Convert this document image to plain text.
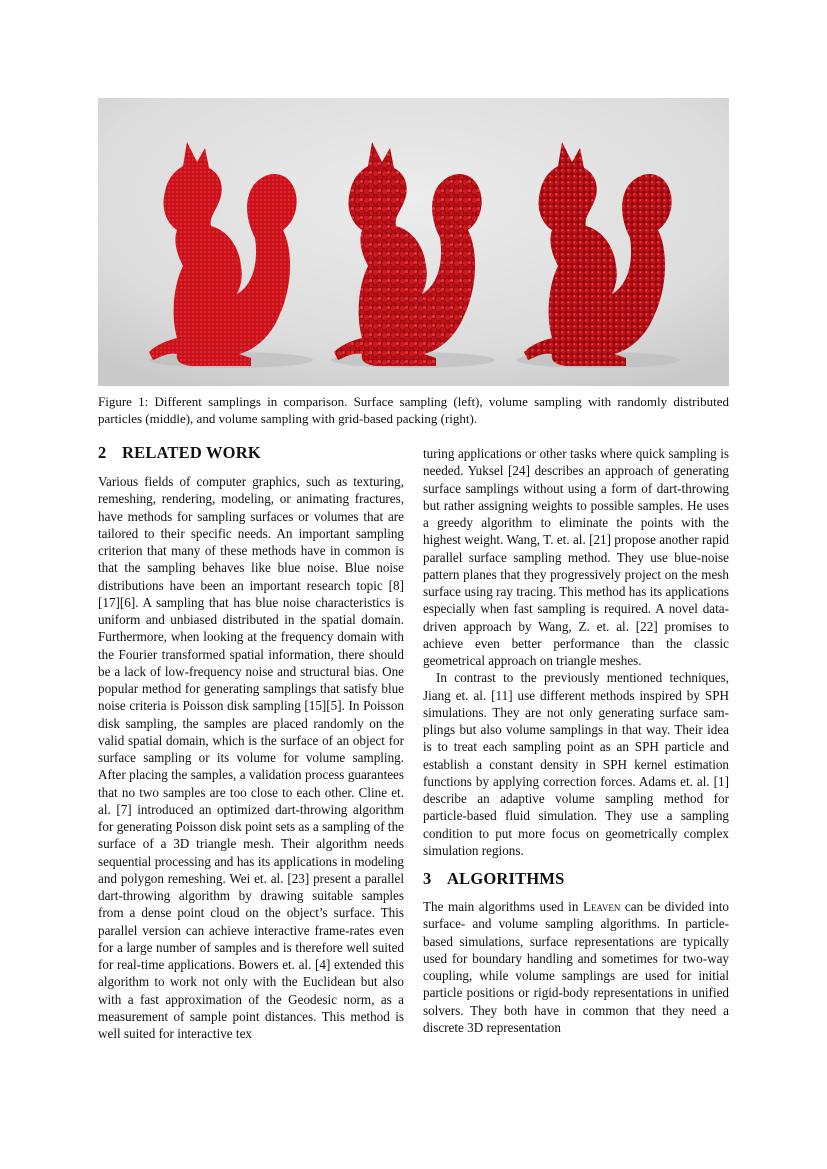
Figure 1: Different samplings in comparison. Surface sampling (left), volume sampling with randomly distributed particles (middle), and volume sampling with grid-based packing (right).
2 RELATED WORK

Various fields of computer graphics, such as texturing, remeshing, rendering, modeling, or animating fractures, have methods for sampling surfaces or volumes that are tailored to their specific needs. An important sampling criterion that many of these methods have in common is that the sampling behaves like blue noise. Blue noise distributions have been an important research topic [8][17][6]. A sampling that has blue noise characteristics is uniform and unbiased distributed in the spatial domain. Furthermore, when looking at the frequency domain with the Fourier transformed spatial information, there should be a lack of low-frequency noise and structural bias. One popular method for generating samplings that satisfy blue noise criteria is Poisson disk sampling [15][5]. In Poisson disk sampling, the samples are placed randomly on the valid spatial domain, which is the surface of an object for surface sampling or its volume for volume sampling. After placing the samples, a validation process guarantees that no two samples are too close to each other. Cline et. al. [7] introduced an optimized dart-throwing algorithm for generating Poisson disk point sets as a sampling of the surface of a 3D triangle mesh. Their algorithm needs sequential processing and has its applications in modeling and polygon remeshing. Wei et. al. [23] present a parallel dart-throwing algorithm by drawing suitable samples from a dense point cloud on the object’s surface. This parallel version can achieve interactive frame-rates even for a large number of samples and is therefore well suited for real-time applications. Bowers et. al. [4] extended this algorithm to work not only with the Euclidean but also with a fast approximation of the Geodesic norm, as a measurement of sample point distances. This method is well suited for interactive tex

turing applications or other tasks where quick sampling is needed. Yuksel [24] describes an approach of generating surface samplings without using a form of dart-throwing but rather assigning weights to possible samples. He uses a greedy algorithm to eliminate the points with the highest weight. Wang, T. et. al. [21] propose another rapid parallel surface sampling method. They use blue-noise pattern planes that they progressively project on the mesh surface using ray tracing. This method has its applications especially when fast sampling is required. A novel data-driven approach by Wang, Z. et. al. [22] promises to achieve even better performance than the classic geometrical approach on triangle meshes.

In contrast to the previously mentioned techniques, Jiang et. al. [11] use different methods inspired by SPH simulations. They are not only generating surface samplings but also volume samplings in that way. Their idea is to treat each sampling point as an SPH particle and establish a constant density in SPH kernel estimation functions by applying correction forces. Adams et. al. [1] describe an adaptive volume sampling method for particle-based fluid simulation. They use a sampling condition to put more focus on geometrically complex simulation regions.

3 ALGORITHMS

The main algorithms used in Leaven can be divided into surface- and volume sampling algorithms. In particle-based simulations, surface representations are typically used for boundary handling and sometimes for two-way coupling, while volume samplings are used for initial particle positions or rigid-body representations in unified solvers. They both have in common that they need a discrete 3D representation
